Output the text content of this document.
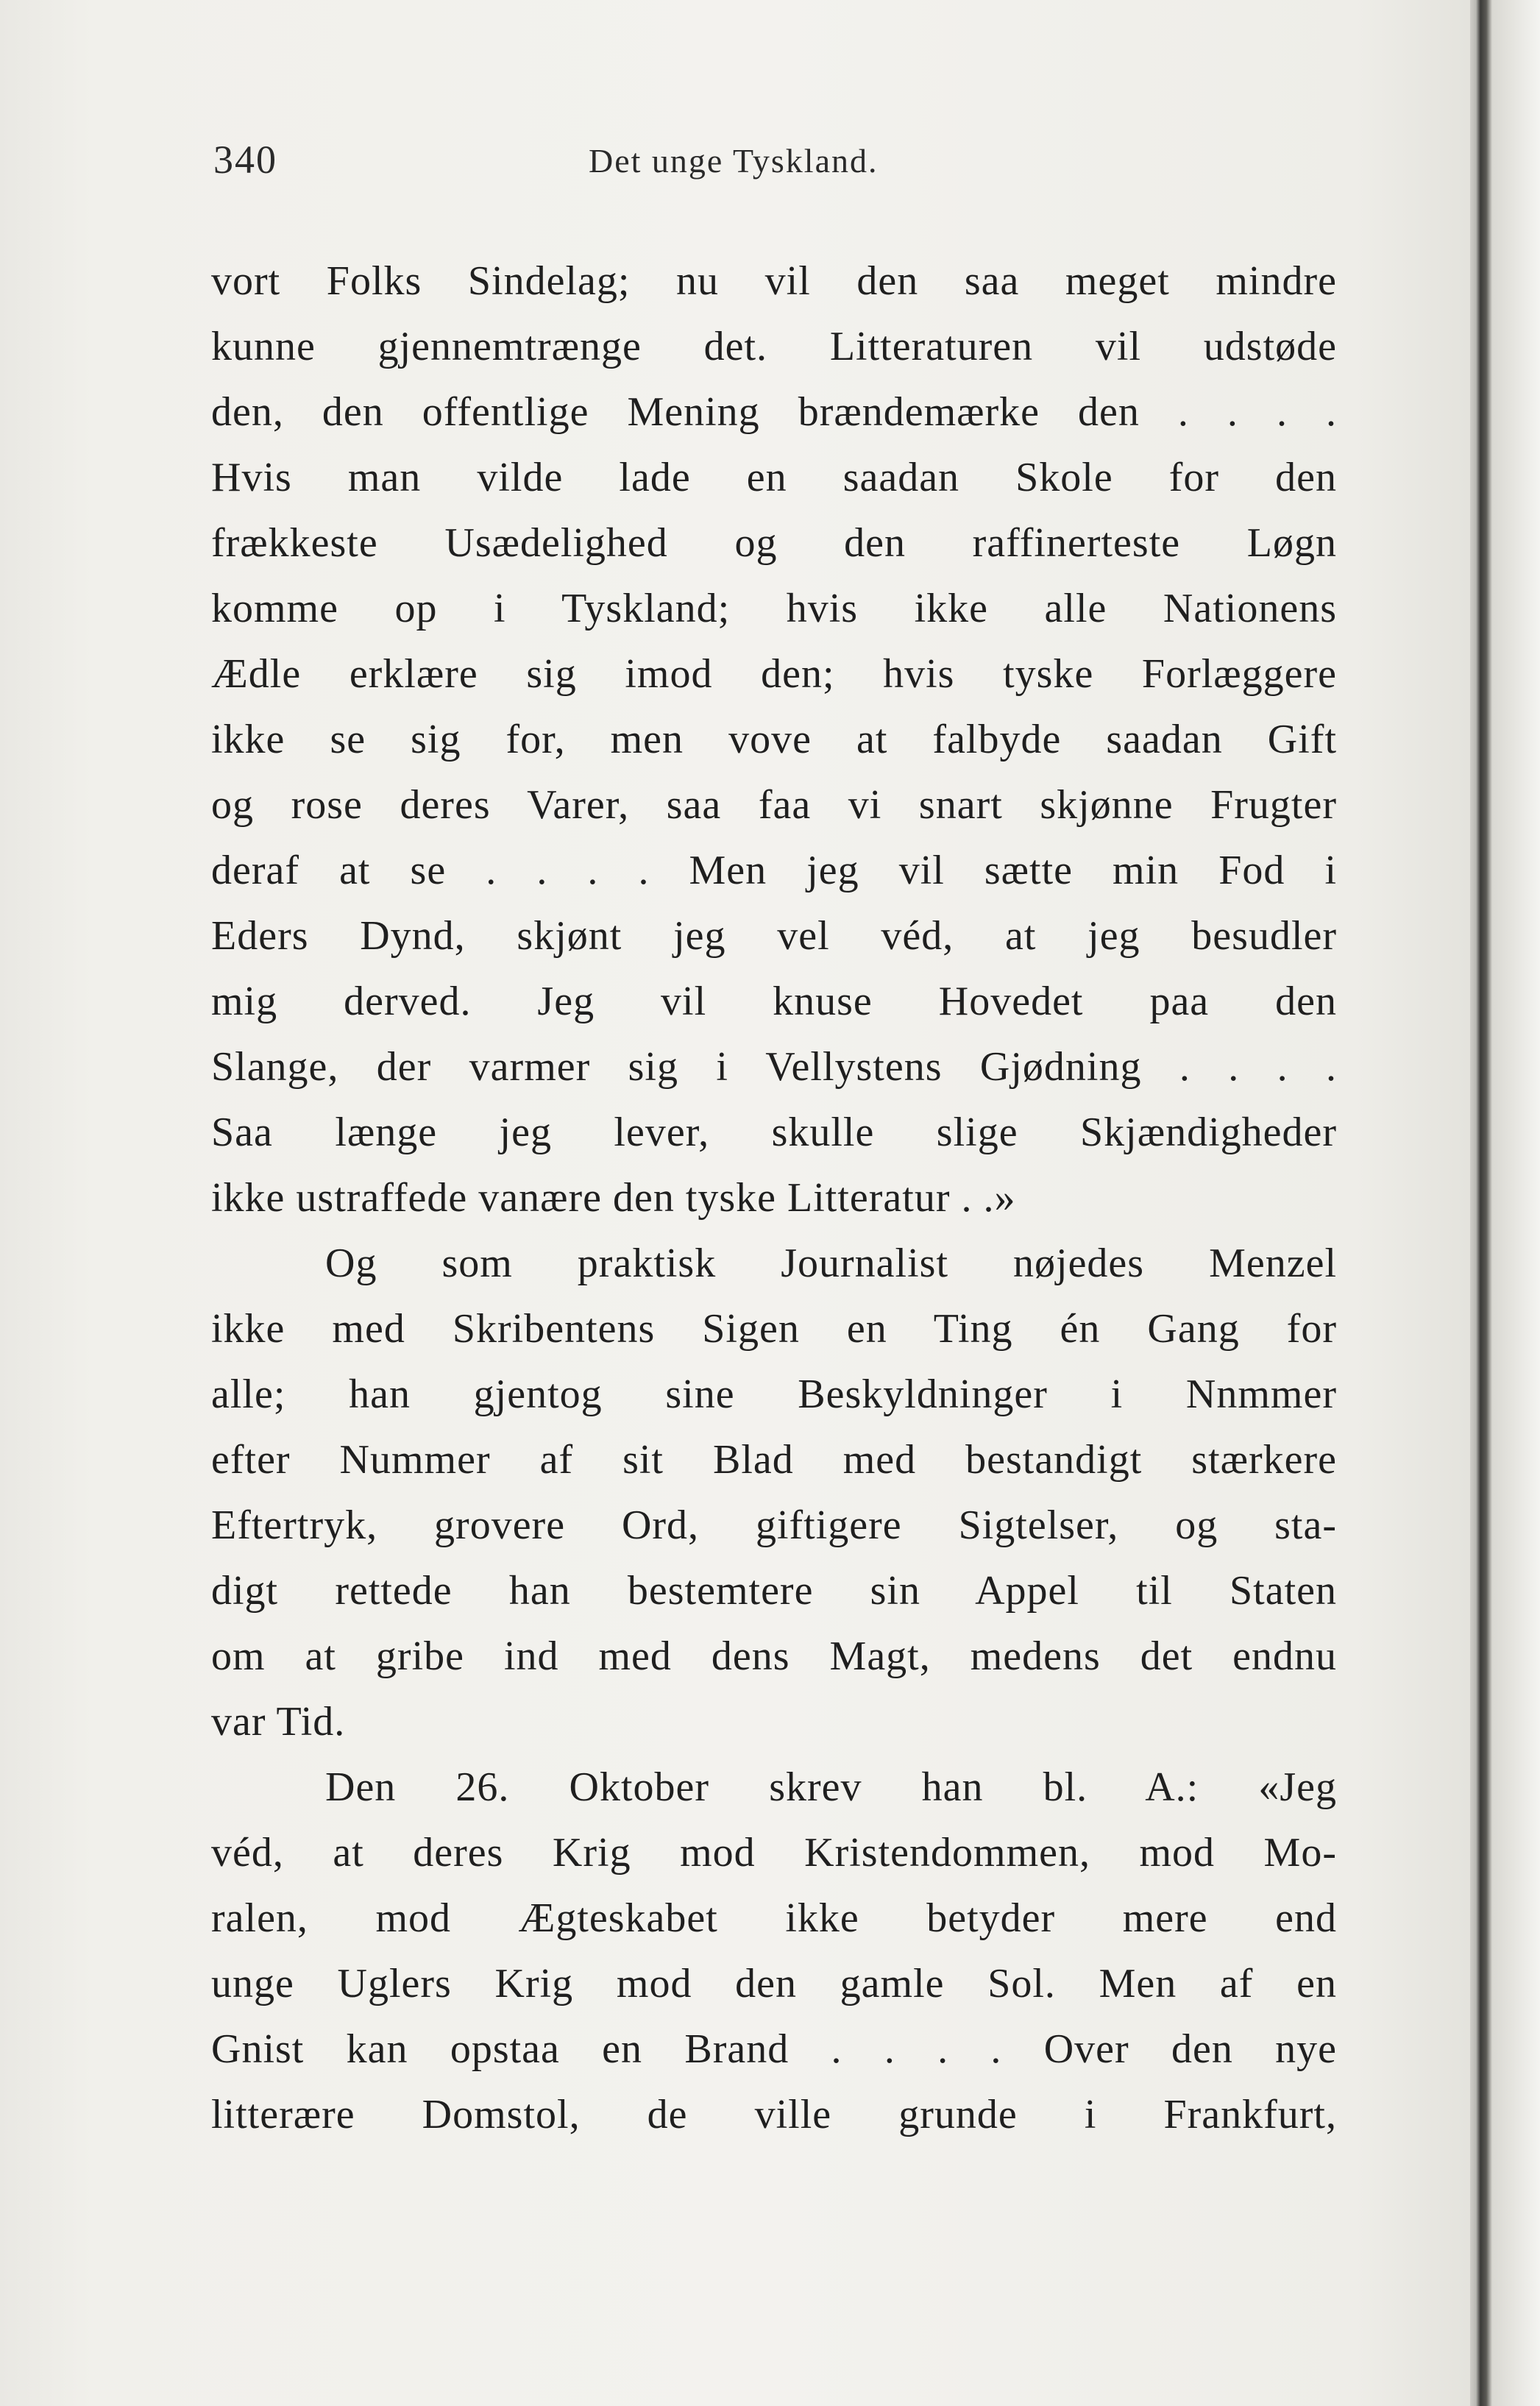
340	Det unge Tyskland.
vort Folks Sindelag; nu vil den saa meget mindre
kunne gjennemtrænge det. Litteraturen vil udstøde
den, den offentlige Mening brændemærke den . . . .
Hvis man vilde lade en saadan Skole for den
frækkeste Usædelighed og den raffinerteste Løgn
komme op i Tyskland; hvis ikke alle Nationens
Ædle erklære sig imod den; hvis tyske Forlæggere
ikke se sig for, men vove at falbyde saadan Gift
og rose deres Varer, saa faa vi snart skjønne Frugter
deraf at se . . . . Men jeg vil sætte min Fod i
Eders Dynd, skjønt jeg vel véd, at jeg besudler
mig derved. Jeg vil knuse Hovedet paa den
Slange, der varmer sig i Vellystens Gjødning . . . .
Saa længe jeg lever, skulle slige Skjændigheder
ikke ustraffede vanære den tyske Litteratur . .»
Og som praktisk Journalist nøjedes Menzel
ikke med Skribentens Sigen en Ting én Gang for
alle; han gjentog sine Beskyldninger i Nnmmer
efter Nummer af sit Blad med bestandigt stærkere
Eftertryk, grovere Ord, giftigere Sigtelser, og sta-
digt rettede han bestemtere sin Appel til Staten
om at gribe ind med dens Magt, medens det endnu
var Tid.
Den 26. Oktober skrev han bl. A.: «Jeg
véd, at deres Krig mod Kristendommen, mod Mo-
ralen, mod Ægteskabet ikke betyder mere end
unge Uglers Krig mod den gamle Sol. Men af en
Gnist kan opstaa en Brand . . . . Over den nye
litterære Domstol, de ville grunde i Frankfurt,
